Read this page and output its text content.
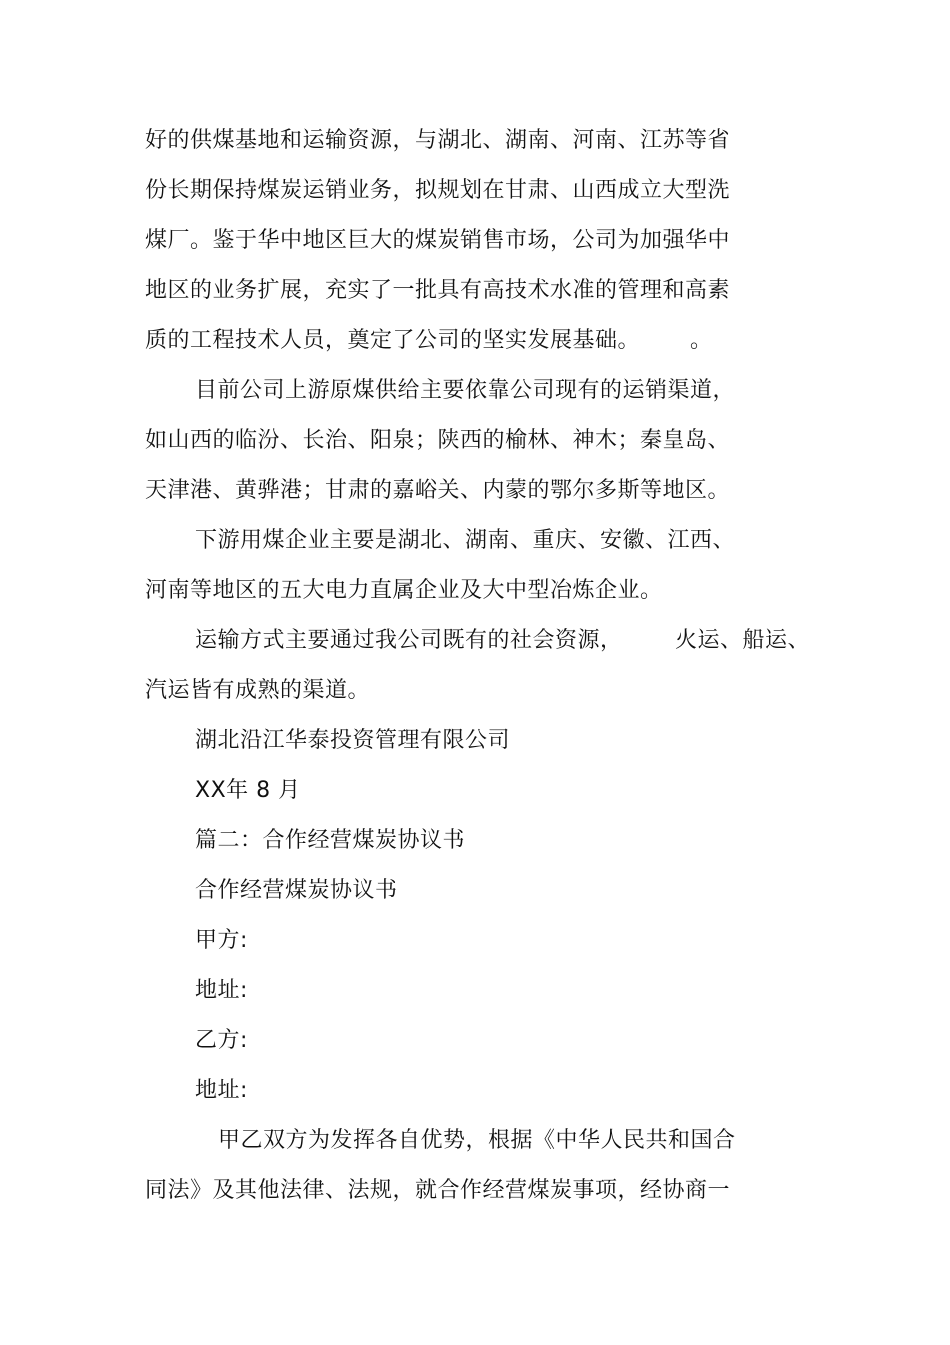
好的供煤基地和运输资源，与湖北、湖南、河南、江苏等省
份长期保持煤炭运销业务，拟规划在甘肃、山西成立大型洗
煤厂。鉴于华中地区巨大的煤炭销售市场，公司为加强华中
地区的业务扩展，充实了一批具有高技术水准的管理和高素
质的工程技术人员，奠定了公司的坚实发展基础。 。
目前公司上游原煤供给主要依靠公司现有的运销渠道，
如山西的临汾、长治、阳泉；陕西的榆林、神木；秦皇岛、
天津港、黄骅港；甘肃的嘉峪关、内蒙的鄂尔多斯等地区。
下游用煤企业主要是湖北、湖南、重庆、安徽、江西、
河南等地区的五大电力直属企业及大中型冶炼企业。
运输方式主要通过我公司既有的社会资源， 火运、船运、
汽运皆有成熟的渠道。
湖北沿江华泰投资管理有限公司
XX年 8 月
篇二：合作经营煤炭协议书
合作经营煤炭协议书
甲方:
地址:
乙方:
地址:
甲乙双方为发挥各自优势，根据《中华人民共和国合
同法》及其他法律、法规，就合作经营煤炭事项，经协商一
